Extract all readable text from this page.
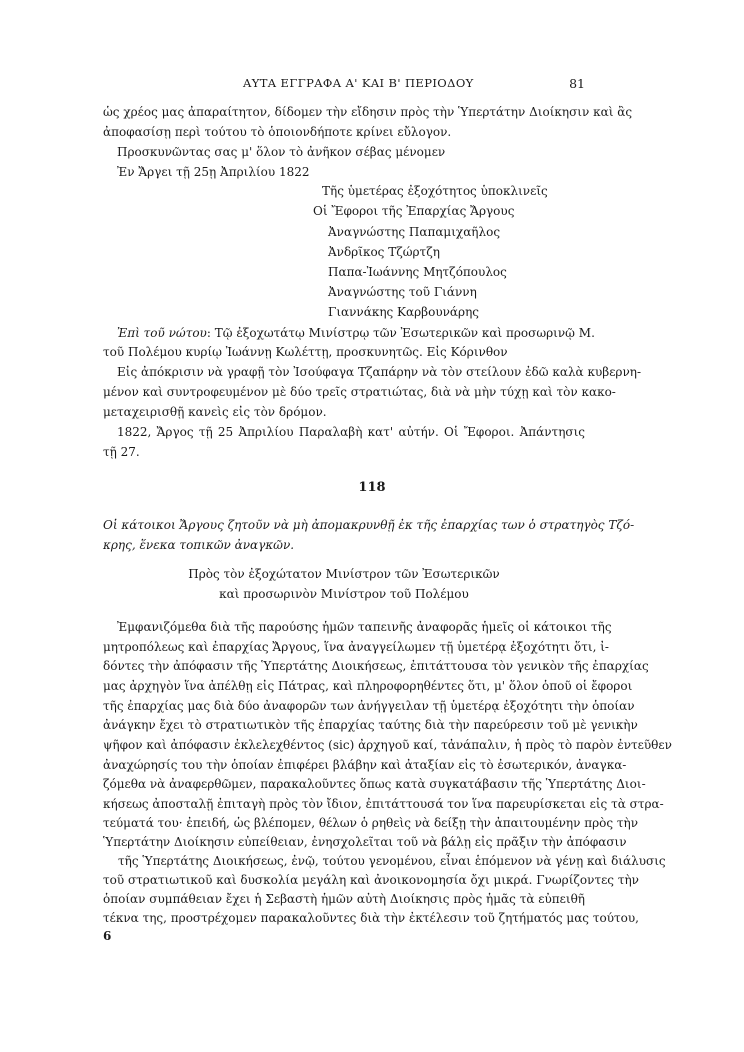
ΑΥΤΑ ΕΓΓΡΑΦΑ Α' ΚΑΙ Β' ΠΕΡΙΟΔΟΥ	81
ὡς χρέος μας ἀπαραίτητον, δίδομεν τὴν εἴδησιν πρὸς τὴν Ὑπερτάτην Διοίκησιν καὶ ἂς
ἀποφασίσῃ περὶ τούτου τὸ ὁποιονδήποτε κρίνει εὔλογον.
Προσκυνῶντας σας μ' ὅλον τὸ ἀνῆκον σέβας μένομεν
Ἐν Ἄργει τῇ 25ῃ Ἀπριλίου 1822
Τῆς ὑμετέρας ἐξοχότητος ὑποκλινεῖς
Οἱ Ἔφοροι τῆς Ἐπαρχίας Ἄργους
Ἀναγνώστης Παπαμιχαῆλος
Ἀνδρῖκος Τζώρτζη
Παπα-Ἰωάννης Μητζόπουλος
Ἀναγνώστης τοῦ Γιάννη
Γιαννάκης Καρβουνάρης
Ἐπὶ τοῦ νώτου: Τῷ ἐξοχωτάτῳ Μινίστρῳ τῶν Ἐσωτερικῶν καὶ προσωρινῷ Μ.
τοῦ Πολέμου κυρίῳ Ἰωάννῃ Κωλέττῃ, προσκυνητῶς. Εἰς Κόρινθον
Εἰς ἀπόκρισιν νὰ γραφῇ τὸν Ἰσούφαγα Τζαπάρην νὰ τὸν στείλουν ἐδῶ καλὰ κυβερνη-
μένον καὶ συντροφευμένον μὲ δύο τρεῖς στρατιώτας, διὰ νὰ μὴν τύχῃ καὶ τὸν κακο-
μεταχειρισθῇ κανεὶς εἰς τὸν δρόμον.
1822, Ἄργος τῇ 25 Ἀπριλίου Παραλαβὴ κατ' αὐτήν. Οἱ Ἔφοροι. Ἀπάντησις
τῇ 27.
118
Οἱ κάτοικοι Ἄργους ζητοῦν νὰ μὴ ἀπομακρυνθῇ ἐκ τῆς ἐπαρχίας των ὁ στρατηγὸς Τζό-
κρης, ἕνεκα τοπικῶν ἀναγκῶν.
Πρὸς τὸν ἐξοχώτατον Μινίστρον τῶν Ἐσωτερικῶν
καὶ προσωρινὸν Μινίστρον τοῦ Πολέμου
Ἐμφανιζόμεθα διὰ τῆς παρούσης ἡμῶν ταπεινῆς ἀναφορᾶς ἡμεῖς οἱ κάτοικοι τῆς
μητροπόλεως καὶ ἐπαρχίας Ἄργους, ἵνα ἀναγγείλωμεν τῇ ὑμετέρᾳ ἐξοχότητι ὅτι, ἰ-
δόντες τὴν ἀπόφασιν τῆς Ὑπερτάτης Διοικήσεως, ἐπιτάττουσα τὸν γενικὸν τῆς ἐπαρχίας
μας ἀρχηγὸν ἵνα ἀπέλθῃ εἰς Πάτρας, καὶ πληροφορηθέντες ὅτι, μ' ὅλον ὁποῦ οἱ ἔφοροι
τῆς ἐπαρχίας μας διὰ δύο ἀναφορῶν των ἀνήγγειλαν τῇ ὑμετέρᾳ ἐξοχότητι τὴν ὁποίαν
ἀνάγκην ἔχει τὸ στρατιωτικὸν τῆς ἐπαρχίας ταύτης διὰ τὴν παρεύρεσιν τοῦ μὲ γενικὴν
ψῆφον καὶ ἀπόφασιν ἐκλελεχθέντος (sic) ἀρχηγοῦ καί, τἀνάπαλιν, ἡ πρὸς τὸ παρὸν ἐντεῦθεν
ἀναχώρησίς του τὴν ὁποίαν ἐπιφέρει βλάβην καὶ ἀταξίαν εἰς τὸ ἐσωτερικόν, ἀναγκα-
ζόμεθα νὰ ἀναφερθῶμεν, παρακαλοῦντες ὅπως κατὰ συγκατάβασιν τῆς Ὑπερτάτης Διοι-
κήσεως ἀποσταλῇ ἐπιταγὴ πρὸς τὸν ἴδιον, ἐπιτάττουσά τον ἵνα παρευρίσκεται εἰς τὰ στρα-
τεύματά του· ἐπειδή, ὡς βλέπομεν, θέλων ὁ ρηθεὶς νὰ δείξῃ τὴν ἀπαιτουμένην πρὸς τὴν
Ὑπερτάτην Διοίκησιν εὐπείθειαν, ἐνησχολεῖται τοῦ νὰ βάλῃ εἰς πρᾶξιν τὴν ἀπόφασιν
τῆς Ὑπερτάτης Διοικήσεως, ἐνῷ, τούτου γενομένου, εἶναι ἑπόμενον νὰ γένῃ καὶ διάλυσις
τοῦ στρατιωτικοῦ καὶ δυσκολία μεγάλη καὶ ἀνοικονομησία ὄχι μικρά. Γνωρίζοντες τὴν
ὁποίαν συμπάθειαν ἔχει ἡ Σεβαστὴ ἡμῶν αὐτὴ Διοίκησις πρὸς ἡμᾶς τὰ εὐπειθῆ
τέκνα της, προστρέχομεν παρακαλοῦντες διὰ τὴν ἐκτέλεσιν τοῦ ζητήματός μας τούτου,
6
